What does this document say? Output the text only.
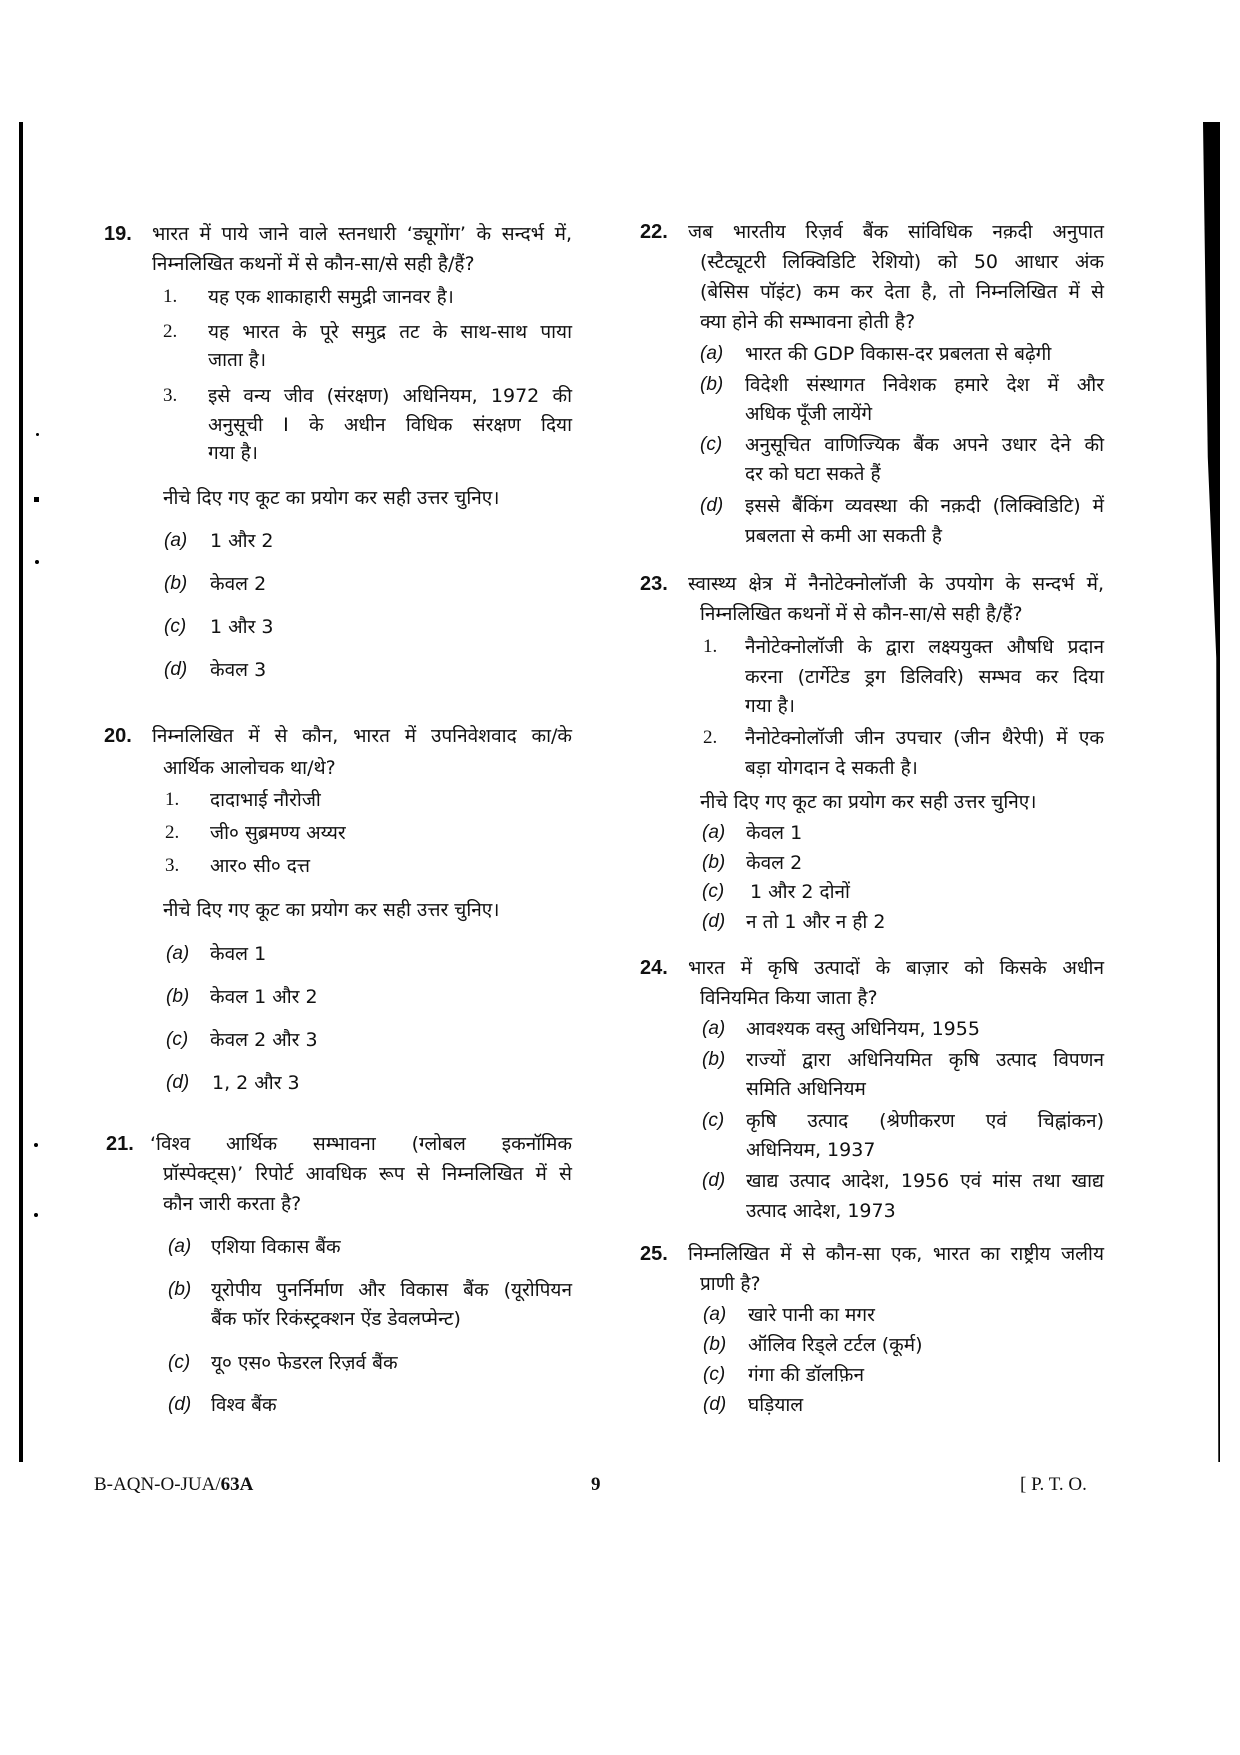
19. भारत में पाये जाने वाले स्तनधारी ‘ड्यूगोंग’ के सन्दर्भ में,
निम्नलिखित कथनों में से कौन-सा/से सही है/हैं?
1. यह एक शाकाहारी समुद्री जानवर है।
2. यह भारत के पूरे समुद्र तट के साथ-साथ पाया
जाता है।
3. इसे वन्य जीव (संरक्षण) अधिनियम, 1972 की
अनुसूची I के अधीन विधिक संरक्षण दिया
गया है।
नीचे दिए गए कूट का प्रयोग कर सही उत्तर चुनिए।
(a) 1 और 2
(b) केवल 2
(c) 1 और 3
(d) केवल 3
20. निम्नलिखित में से कौन, भारत में उपनिवेशवाद का/के
आर्थिक आलोचक था/थे?
1. दादाभाई नौरोजी
2. जी० सुब्रमण्य अय्यर
3. आर० सी० दत्त
नीचे दिए गए कूट का प्रयोग कर सही उत्तर चुनिए।
(a) केवल 1
(b) केवल 1 और 2
(c) केवल 2 और 3
(d) 1, 2 और 3
21. ‘विश्व आर्थिक सम्भावना (ग्लोबल इकनॉमिक
प्रॉस्पेक्ट्स)’ रिपोर्ट आवधिक रूप से निम्नलिखित में से
कौन जारी करता है?
(a) एशिया विकास बैंक
(b) यूरोपीय पुनर्निर्माण और विकास बैंक (यूरोपियन
बैंक फॉर रिकंस्ट्रक्शन ऐंड डेवलप्मेन्ट)
(c) यू० एस० फेडरल रिज़र्व बैंक
(d) विश्व बैंक
22. जब भारतीय रिज़र्व बैंक सांविधिक नक़दी अनुपात
(स्टैट्यूटरी लिक्विडिटि रेशियो) को 50 आधार अंक
(बेसिस पॉइंट) कम कर देता है, तो निम्नलिखित में से
क्या होने की सम्भावना होती है?
(a) भारत की GDP विकास-दर प्रबलता से बढ़ेगी
(b) विदेशी संस्थागत निवेशक हमारे देश में और
अधिक पूँजी लायेंगे
(c) अनुसूचित वाणिज्यिक बैंक अपने उधार देने की
दर को घटा सकते हैं
(d) इससे बैंकिंग व्यवस्था की नक़दी (लिक्विडिटि) में
प्रबलता से कमी आ सकती है
23. स्वास्थ्य क्षेत्र में नैनोटेक्नोलॉजी के उपयोग के सन्दर्भ में,
निम्नलिखित कथनों में से कौन-सा/से सही है/हैं?
1. नैनोटेक्नोलॉजी के द्वारा लक्ष्ययुक्त औषधि प्रदान
करना (टार्गेटेड ड्रग डिलिवरि) सम्भव कर दिया
गया है।
2. नैनोटेक्नोलॉजी जीन उपचार (जीन थैरेपी) में एक
बड़ा योगदान दे सकती है।
नीचे दिए गए कूट का प्रयोग कर सही उत्तर चुनिए।
(a) केवल 1
(b) केवल 2
(c) 1 और 2 दोनों
(d) न तो 1 और न ही 2
24. भारत में कृषि उत्पादों के बाज़ार को किसके अधीन
विनियमित किया जाता है?
(a) आवश्यक वस्तु अधिनियम, 1955
(b) राज्यों द्वारा अधिनियमित कृषि उत्पाद विपणन
समिति अधिनियम
(c) कृषि उत्पाद (श्रेणीकरण एवं चिह्नांकन)
अधिनियम, 1937
(d) खाद्य उत्पाद आदेश, 1956 एवं मांस तथा खाद्य
उत्पाद आदेश, 1973
25. निम्नलिखित में से कौन-सा एक, भारत का राष्ट्रीय जलीय
प्राणी है?
(a) खारे पानी का मगर
(b) ऑलिव रिड्ले टर्टल (कूर्म)
(c) गंगा की डॉलफ़िन
(d) घड़ियाल
B-AQN-O-JUA/63A	9	[ P. T. O.
